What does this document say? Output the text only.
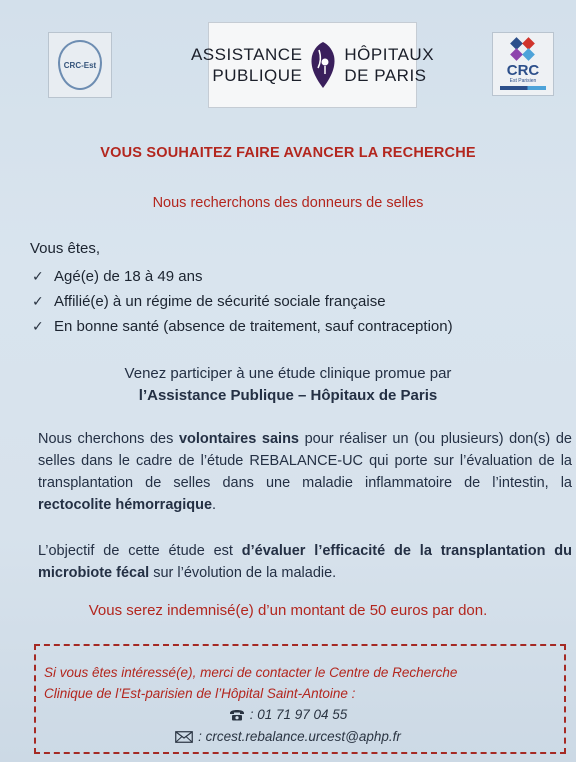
CRC-Est
ASSISTANCE
PUBLIQUE
HÔPITAUX
DE PARIS	CRC
Est Parisien
VOUS SOUHAITEZ FAIRE AVANCER LA RECHERCHE
Nous recherchons des donneurs de selles
Vous êtes,
✓ Agé(e) de 18 à 49 ans
✓ Affilié(e) à un régime de sécurité sociale française
✓ En bonne santé (absence de traitement, sauf contraception)
Venez participer à une étude clinique promue par
l’Assistance Publique – Hôpitaux de Paris
Nous cherchons des volontaires sains pour réaliser un (ou plusieurs) don(s) de selles dans le cadre de l’étude REBALANCE-UC qui porte sur l’évaluation de la transplantation de selles dans une maladie inflammatoire de l’intestin, la rectocolite hémorragique.
L’objectif de cette étude est d’évaluer l’efficacité de la transplantation du microbiote fécal sur l’évolution de la maladie.
Vous serez indemnisé(e) d’un montant de 50 euros par don.
Si vous êtes intéressé(e), merci de contacter le Centre de Recherche
Clinique de l’Est-parisien de l’Hôpital Saint-Antoine :
: 01 71 97 04 55
: crcest.rebalance.urcest@aphp.fr
